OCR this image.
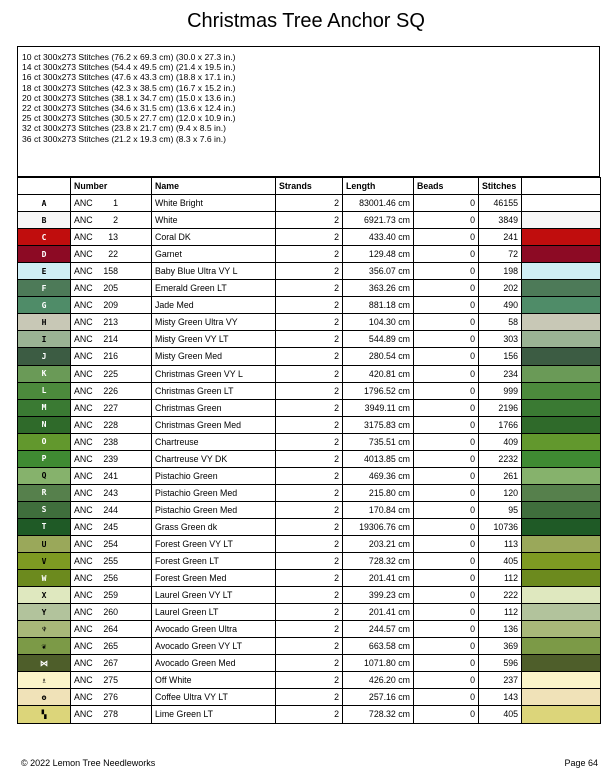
Christmas Tree Anchor SQ
10 ct 300x273 Stitches (76.2 x 69.3 cm) (30.0 x 27.3 in.)
14 ct 300x273 Stitches (54.4 x 49.5 cm) (21.4 x 19.5 in.)
16 ct 300x273 Stitches (47.6 x 43.3 cm) (18.8 x 17.1 in.)
18 ct 300x273 Stitches (42.3 x 38.5 cm) (16.7 x 15.2 in.)
20 ct 300x273 Stitches (38.1 x 34.7 cm) (15.0 x 13.6 in.)
22 ct 300x273 Stitches (34.6 x 31.5 cm) (13.6 x 12.4 in.)
25 ct 300x273 Stitches (30.5 x 27.7 cm) (12.0 x 10.9 in.)
32 ct 300x273 Stitches (23.8 x 21.7 cm) (9.4 x 8.5 in.)
36 ct 300x273 Stitches (21.2 x 19.3 cm) (8.3 x 7.6 in.)
	Number	Name	Strands	Length	Beads	Stitches	
A	ANC 1	White Bright	2	83001.46 cm	0	46155	
B	ANC 2	White	2	6921.73 cm	0	3849	
C	ANC 13	Coral DK	2	433.40 cm	0	241	
D	ANC 22	Garnet	2	129.48 cm	0	72	
E	ANC 158	Baby Blue Ultra VY L	2	356.07 cm	0	198	
F	ANC 205	Emerald Green LT	2	363.26 cm	0	202	
G	ANC 209	Jade Med	2	881.18 cm	0	490	
H	ANC 213	Misty Green Ultra VY	2	104.30 cm	0	58	
I	ANC 214	Misty Green VY LT	2	544.89 cm	0	303	
J	ANC 216	Misty Green Med	2	280.54 cm	0	156	
K	ANC 225	Christmas Green VY L	2	420.81 cm	0	234	
L	ANC 226	Christmas Green LT	2	1796.52 cm	0	999	
M	ANC 227	Christmas Green	2	3949.11 cm	0	2196	
N	ANC 228	Christmas Green Med	2	3175.83 cm	0	1766	
O	ANC 238	Chartreuse	2	735.51 cm	0	409	
P	ANC 239	Chartreuse VY DK	2	4013.85 cm	0	2232	
Q	ANC 241	Pistachio Green	2	469.36 cm	0	261	
R	ANC 243	Pistachio Green Med	2	215.80 cm	0	120	
S	ANC 244	Pistachio Green Med	2	170.84 cm	0	95	
T	ANC 245	Grass Green dk	2	19306.76 cm	0	10736	
U	ANC 254	Forest Green VY LT	2	203.21 cm	0	113	
V	ANC 255	Forest Green LT	2	728.32 cm	0	405	
W	ANC 256	Forest Green Med	2	201.41 cm	0	112	
X	ANC 259	Laurel Green VY LT	2	399.23 cm	0	222	
Y	ANC 260	Laurel Green LT	2	201.41 cm	0	112	
♆	ANC 264	Avocado Green Ultra	2	244.57 cm	0	136	
❦	ANC 265	Avocado Green VY LT	2	663.58 cm	0	369	
⋈	ANC 267	Avocado Green Med	2	1071.80 cm	0	596	
♗	ANC 275	Off White	2	426.20 cm	0	237	
ʘ	ANC 276	Coffee Ultra VY LT	2	257.16 cm	0	143	
▚	ANC 278	Lime Green LT	2	728.32 cm	0	405	
© 2022 Lemon Tree Needleworks	Page 64
